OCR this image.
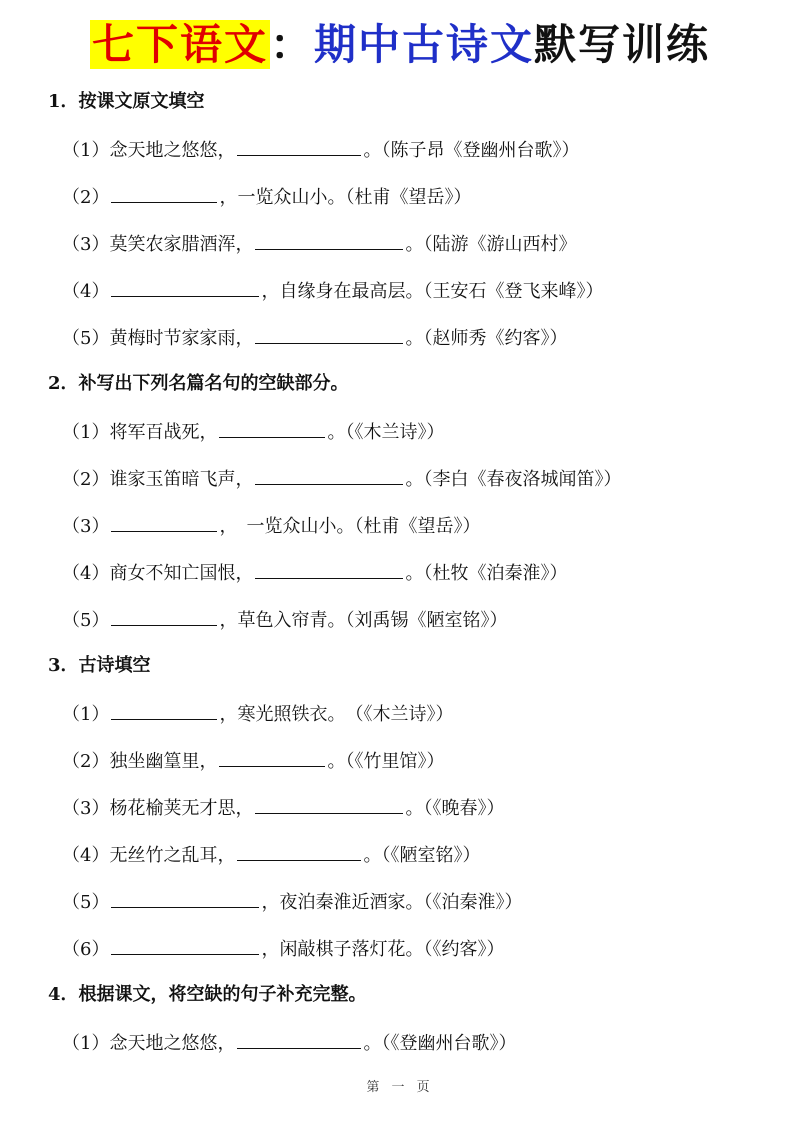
七下语文：期中古诗文默写训练
1．按课文原文填空
（1）念天地之悠悠，	。（陈子昂《登幽州台歌》）
（2）	，一览众山小。（杜甫《望岳》）
（3）莫笑农家腊酒浑，	。（陆游《游山西村》
（4）	，自缘身在最高层。（王安石《登飞来峰》）
（5）黄梅时节家家雨，	。（赵师秀《约客》）
2．补写出下列名篇名句的空缺部分。
（1）将军百战死，	。（《木兰诗》）
（2）谁家玉笛暗飞声，	。（李白《春夜洛城闻笛》）
（3）	，　一览众山小。（杜甫《望岳》）
（4）商女不知亡国恨，	。（杜牧《泊秦淮》）
（5）	，草色入帘青。（刘禹锡《陋室铭》）
3．古诗填空
（1）	，寒光照铁衣。　（《木兰诗》）
（2）独坐幽篁里，	。（《竹里馆》）
（3）杨花榆荚无才思，	。（《晚春》）
（4）无丝竹之乱耳，	。（《陋室铭》）
（5）	，夜泊秦淮近酒家。（《泊秦淮》）
（6）	，闲敲棋子落灯花。（《约客》）
4．根据课文，将空缺的句子补充完整。
（1）念天地之悠悠，	。（《登幽州台歌》）
第 一 页
